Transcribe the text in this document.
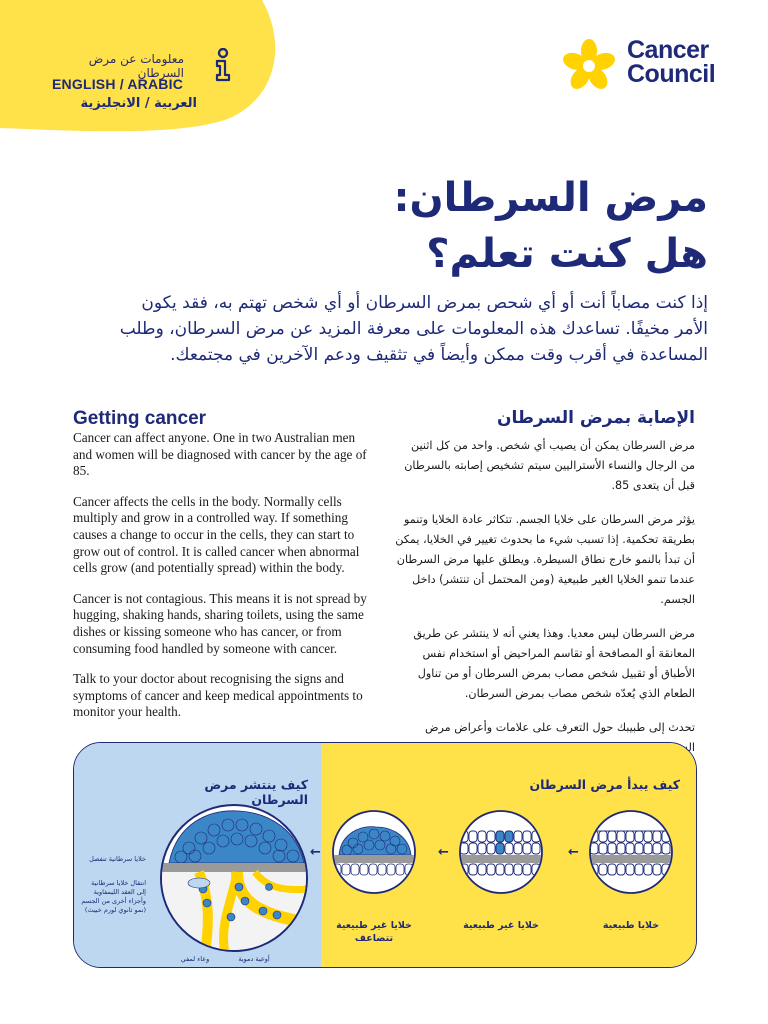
معلومات عن مرض السرطان
ENGLISH / ARABIC
العربية / الانجليزية
Cancer
Council
مرض السرطان:
هل كنت تعلم؟

إذا كنت مصاباً أنت أو أي شحص بمرض السرطان أو أي شخص تهتم به، فقد يكون الأمر مخيفًا. تساعدك هذه المعلومات على معرفة المزيد عن مرض السرطان، وطلب المساعدة في أقرب وقت ممكن وأيضاً في تثقيف ودعم الآخرين في مجتمعك.

Getting cancer

Cancer can affect anyone. One in two Australian men and women will be diagnosed with cancer by the age of 85.

Cancer affects the cells in the body. Normally cells multiply and grow in a controlled way. If something causes a change to occur in the cells, they can start to grow out of control. It is called cancer when abnormal cells grow (and potentially spread) within the body.

Cancer is not contagious. This means it is not spread by hugging, shaking hands, sharing toilets, using the same dishes or kissing someone who has cancer, or from consuming food handled by someone with cancer.

Talk to your doctor about recognising the signs and symptoms of cancer and keep medical appointments to monitor your health.

الإصابة بمرض السرطان

مرض السرطان يمكن أن يصيب أي شخص. واحد من كل اثنين من الرجال والنساء الأستراليين سيتم تشخيص إصابته بالسرطان قبل أن يتعدى 85.

يؤثر مرض السرطان على خلايا الجسم. تتكاثر عادة الخلايا وتنمو بطريقة تحكمية. إذا تسبب شيء ما بحدوث تغيير في الخلايا، يمكن أن تبدأ بالنمو خارج نطاق السيطرة. ويطلق عليها مرض السرطان عندما تنمو الخلايا الغير طبيعية (ومن المحتمل أن تنتشر) داخل الجسم.

مرض السرطان ليس معديا. وهذا يعني أنه لا ينتشر عن طريق المعانقة أو المصافحة أو تقاسم المراحيض أو استخدام نفس الأطباق أو تقبيل شخص مصاب بمرض السرطان أو من تناول الطعام الذي يُعدّه شخص مصاب بمرض السرطان.

تحدث إلى طبيبك حول التعرف على علامات وأعراض مرض

كيف يبدأ مرض السرطان
كيف ينتشر مرض السرطان
خلايا طبيعية
←
خلايا غير طبيعية
←
خلايا غير طبيعية تتضاعف
←
خلايا سرطانية تنفصل
انتقال خلايا سرطانية إلى العقد الليمفاوية وأجزاء أخرى من الجسم (نمو ثانوي لورم خبيث)
وعاء لمفي	أوعية دموية
